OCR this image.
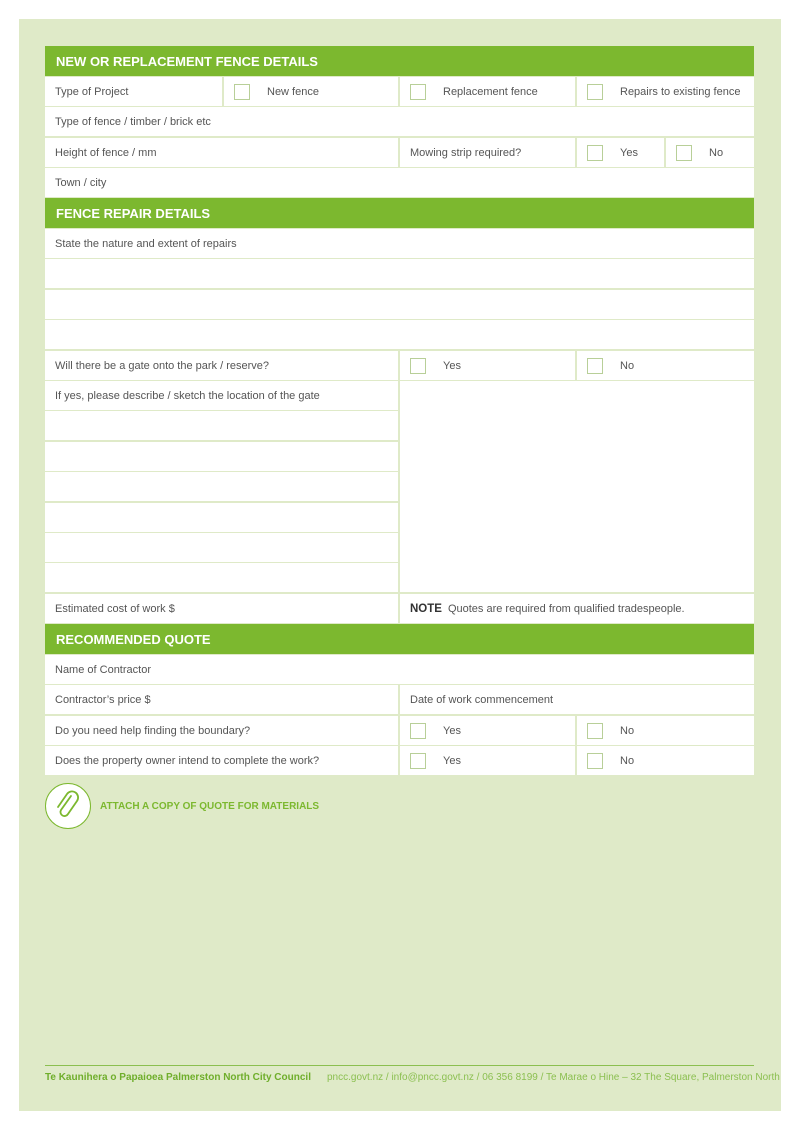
NEW OR REPLACEMENT FENCE DETAILS
Type of Project	New fence	Replacement fence	Repairs to existing fence
Type of fence / timber / brick etc
Height of fence / mm	Mowing strip required?	Yes	No
Town / city
FENCE REPAIR DETAILS
State the nature and extent of repairs
Will there be a gate onto the park / reserve?	Yes	No
If yes, please describe / sketch the location of the gate
Estimated cost of work $	NOTE Quotes are required from qualified tradespeople.
RECOMMENDED QUOTE
Name of Contractor
Contractor’s price $	Date of work commencement
Do you need help finding the boundary?	Yes	No
Does the property owner intend to complete the work?	Yes	No
ATTACH A COPY OF QUOTE FOR MATERIALS
Te Kaunihera o Papaioea Palmerston North City Council pncc.govt.nz / info@pncc.govt.nz / 06 356 8199 / Te Marae o Hine – 32 The Square, Palmerston North
